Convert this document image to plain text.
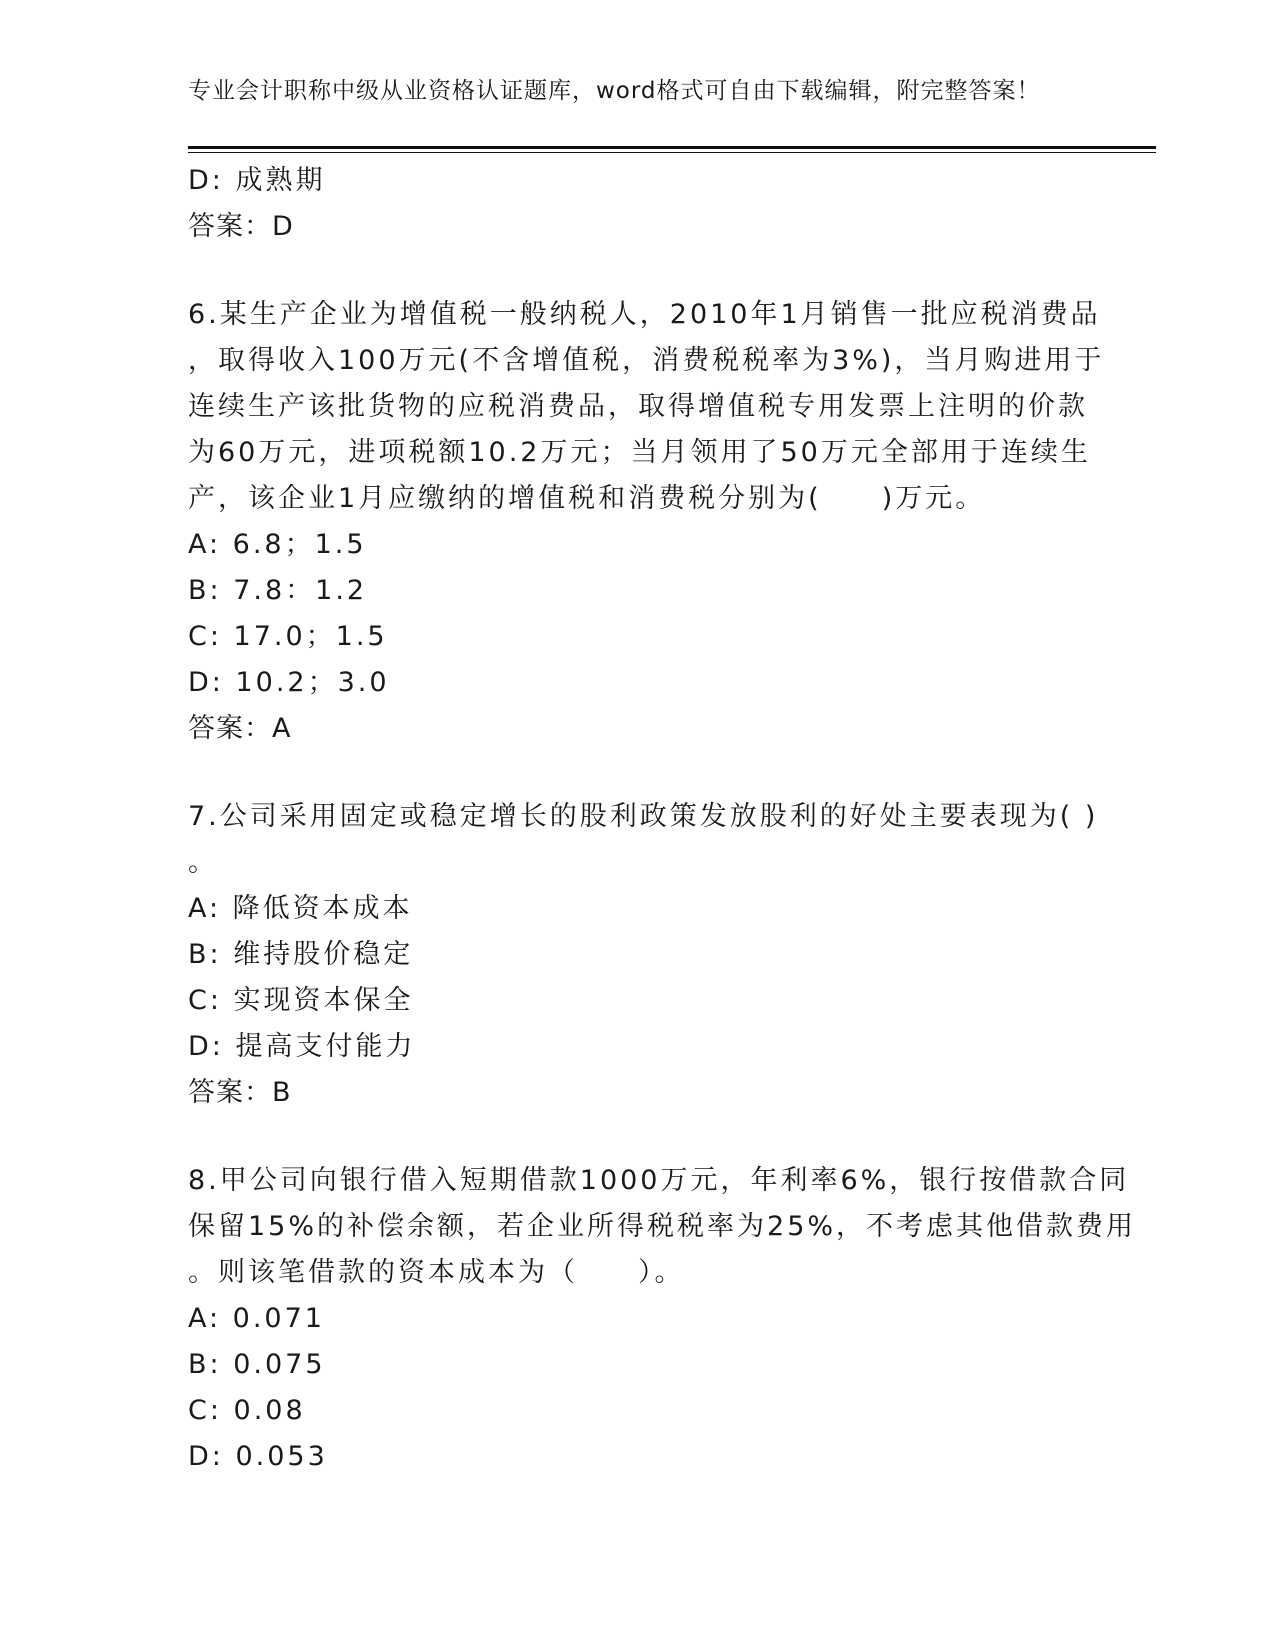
专业会计职称中级从业资格认证题库，word格式可自由下载编辑，附完整答案！
D: 成熟期
答案：D
6.某生产企业为增值税一般纳税人，2010年1月销售一批应税消费品
，取得收入100万元(不含增值税，消费税税率为3%)，当月购进用于
连续生产该批货物的应税消费品，取得增值税专用发票上注明的价款
为60万元，进项税额10.2万元；当月领用了50万元全部用于连续生
产，该企业1月应缴纳的增值税和消费税分别为(　　)万元。
A: 6.8；1.5
B: 7.8：1.2
C: 17.0；1.5
D: 10.2；3.0
答案：A
7.公司采用固定或稳定增长的股利政策发放股利的好处主要表现为( )
。
A: 降低资本成本
B: 维持股价稳定
C: 实现资本保全
D: 提高支付能力
答案：B
8.甲公司向银行借入短期借款1000万元，年利率6%，银行按借款合同
保留15%的补偿余额，若企业所得税税率为25%，不考虑其他借款费用
。则该笔借款的资本成本为（　　）。
A: 0.071
B: 0.075
C: 0.08
D: 0.053
